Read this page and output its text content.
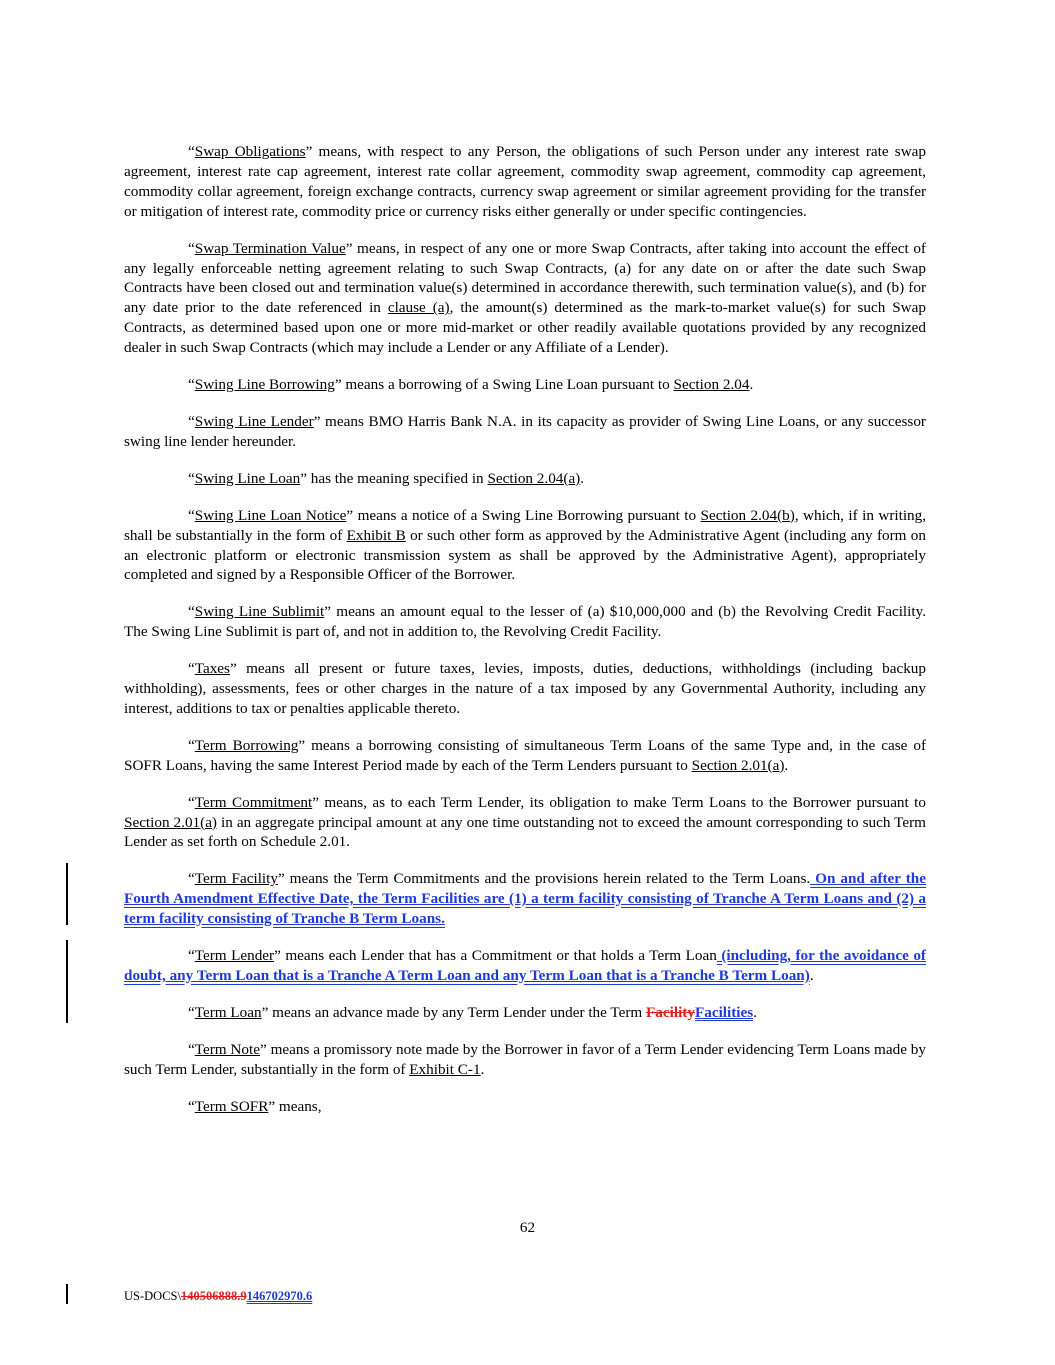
“Swap Obligations” means, with respect to any Person, the obligations of such Person under any interest rate swap agreement, interest rate cap agreement, interest rate collar agreement, commodity swap agreement, commodity cap agreement, commodity collar agreement, foreign exchange contracts, currency swap agreement or similar agreement providing for the transfer or mitigation of interest rate, commodity price or currency risks either generally or under specific contingencies.

“Swap Termination Value” means, in respect of any one or more Swap Contracts, after taking into account the effect of any legally enforceable netting agreement relating to such Swap Contracts, (a) for any date on or after the date such Swap Contracts have been closed out and termination value(s) determined in accordance therewith, such termination value(s), and (b) for any date prior to the date referenced in clause (a), the amount(s) determined as the mark-to-market value(s) for such Swap Contracts, as determined based upon one or more mid-market or other readily available quotations provided by any recognized dealer in such Swap Contracts (which may include a Lender or any Affiliate of a Lender).

“Swing Line Borrowing” means a borrowing of a Swing Line Loan pursuant to Section 2.04.

“Swing Line Lender” means BMO Harris Bank N.A. in its capacity as provider of Swing Line Loans, or any successor swing line lender hereunder.

“Swing Line Loan” has the meaning specified in Section 2.04(a).

“Swing Line Loan Notice” means a notice of a Swing Line Borrowing pursuant to Section 2.04(b), which, if in writing, shall be substantially in the form of Exhibit B or such other form as approved by the Administrative Agent (including any form on an electronic platform or electronic transmission system as shall be approved by the Administrative Agent), appropriately completed and signed by a Responsible Officer of the Borrower.

“Swing Line Sublimit” means an amount equal to the lesser of (a) $10,000,000 and (b) the Revolving Credit Facility. The Swing Line Sublimit is part of, and not in addition to, the Revolving Credit Facility.

“Taxes” means all present or future taxes, levies, imposts, duties, deductions, withholdings (including backup withholding), assessments, fees or other charges in the nature of a tax imposed by any Governmental Authority, including any interest, additions to tax or penalties applicable thereto.

“Term Borrowing” means a borrowing consisting of simultaneous Term Loans of the same Type and, in the case of SOFR Loans, having the same Interest Period made by each of the Term Lenders pursuant to Section 2.01(a).

“Term Commitment” means, as to each Term Lender, its obligation to make Term Loans to the Borrower pursuant to Section 2.01(a) in an aggregate principal amount at any one time outstanding not to exceed the amount corresponding to such Term Lender as set forth on Schedule 2.01.

“Term Facility” means the Term Commitments and the provisions herein related to the Term Loans. On and after the Fourth Amendment Effective Date, the Term Facilities are (1) a term facility consisting of Tranche A Term Loans and (2) a term facility consisting of Tranche B Term Loans.

“Term Lender” means each Lender that has a Commitment or that holds a Term Loan (including, for the avoidance of doubt, any Term Loan that is a Tranche A Term Loan and any Term Loan that is a Tranche B Term Loan).

“Term Loan” means an advance made by any Term Lender under the Term FacilityFacilities.

“Term Note” means a promissory note made by the Borrower in favor of a Term Lender evidencing Term Loans made by such Term Lender, substantially in the form of Exhibit C-1.

“Term SOFR” means,

62
US-DOCS\140506888.9146702970.6
